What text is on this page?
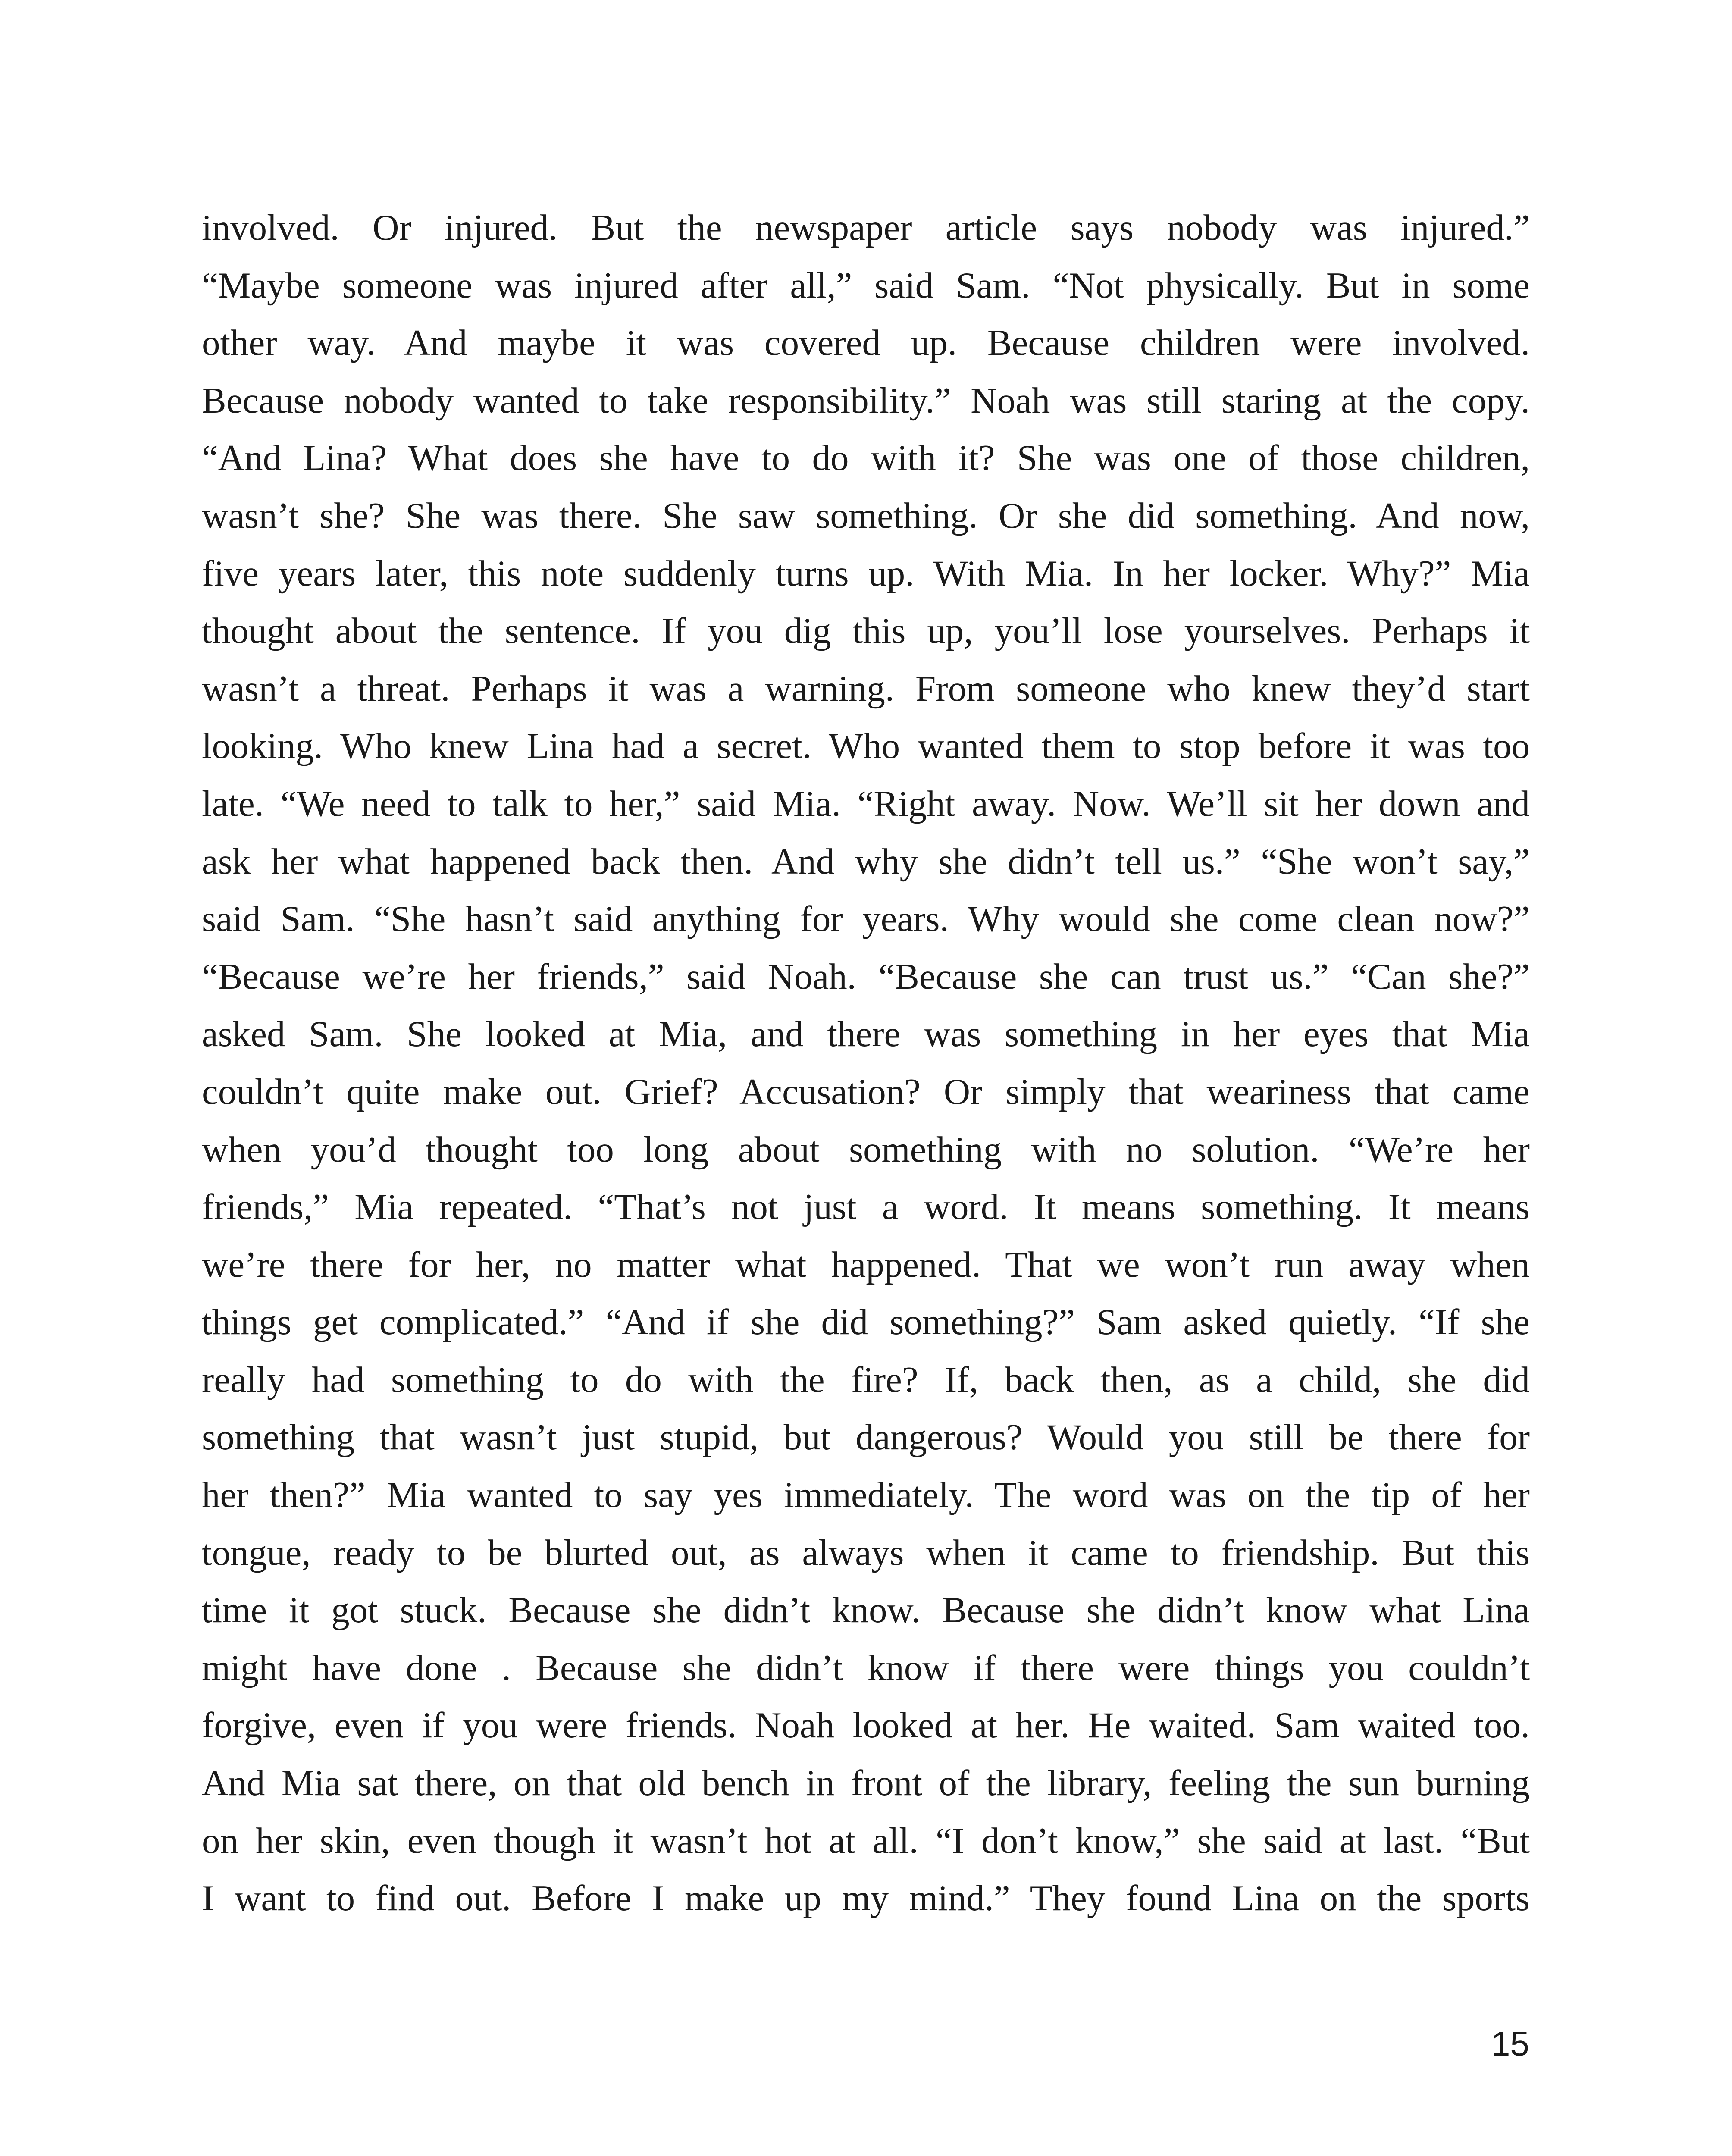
involved. Or injured. But the newspaper article says nobody was injured.”
“Maybe someone was injured after all,” said Sam. “Not physically. But in some
other way. And maybe it was covered up. Because children were involved.
Because nobody wanted to take responsibility.” Noah was still staring at the copy.
“And Lina? What does she have to do with it? She was one of those children,
wasn’t she? She was there. She saw something. Or she did something. And now,
five years later, this note suddenly turns up. With Mia. In her locker. Why?” Mia
thought about the sentence. If you dig this up, you’ll lose yourselves. Perhaps it
wasn’t a threat. Perhaps it was a warning. From someone who knew they’d start
looking. Who knew Lina had a secret. Who wanted them to stop before it was too
late. “We need to talk to her,” said Mia. “Right away. Now. We’ll sit her down and
ask her what happened back then. And why she didn’t tell us.” “She won’t say,”
said Sam. “She hasn’t said anything for years. Why would she come clean now?”
“Because we’re her friends,” said Noah. “Because she can trust us.” “Can she?”
asked Sam. She looked at Mia, and there was something in her eyes that Mia
couldn’t quite make out. Grief? Accusation? Or simply that weariness that came
when you’d thought too long about something with no solution. “We’re her
friends,” Mia repeated. “That’s not just a word. It means something. It means
we’re there for her, no matter what happened. That we won’t run away when
things get complicated.” “And if she did something?” Sam asked quietly. “If she
really had something to do with the fire? If, back then, as a child, she did
something that wasn’t just stupid, but dangerous? Would you still be there for
her then?” Mia wanted to say yes immediately. The word was on the tip of her
tongue, ready to be blurted out, as always when it came to friendship. But this
time it got stuck. Because she didn’t know. Because she didn’t know what Lina
might have done . Because she didn’t know if there were things you couldn’t
forgive, even if you were friends. Noah looked at her. He waited. Sam waited too.
And Mia sat there, on that old bench in front of the library, feeling the sun burning
on her skin, even though it wasn’t hot at all. “I don’t know,” she said at last. “But
I want to find out. Before I make up my mind.” They found Lina on the sports

15
